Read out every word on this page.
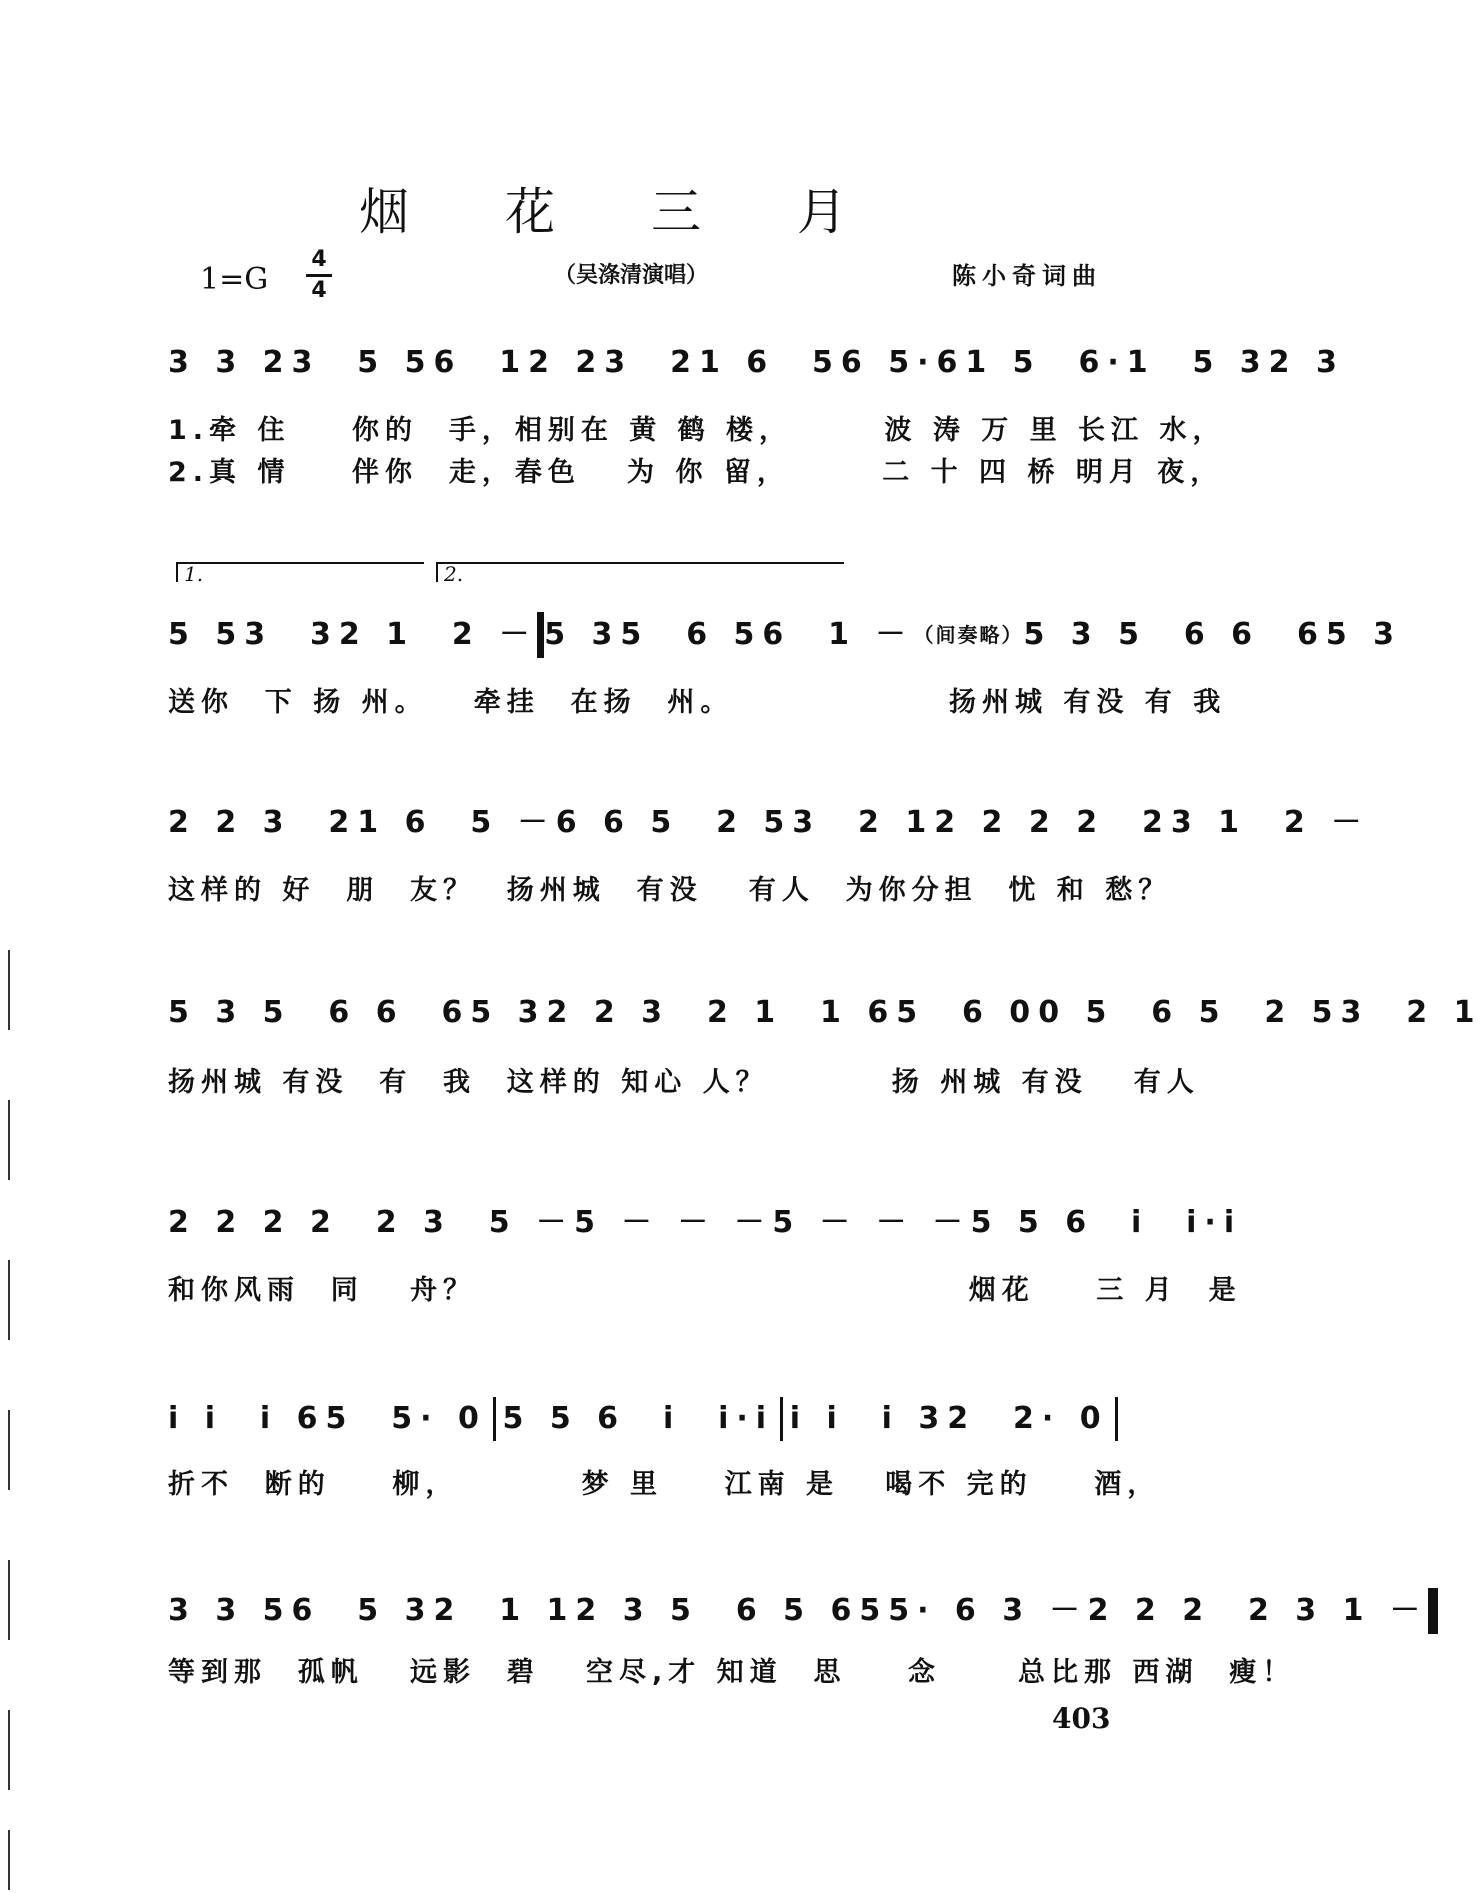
烟 花 三 月
1=G
4
4
（吴涤清演唱）	陈小奇词曲
3 3 23  5 56  1 2 23  21 6  56 5· 61 5  6·1  5 32 3
1.牵 住    你的  手，相别在 黄 鹤 楼，      波 涛 万 里 长江 水，
2.真 情    伴你  走，春色   为 你 留，      二 十 四 桥 明月 夜，
1.	2.
5 53  32 1  2 － 5 35  6 56  1 － （间奏略） 5 3 5  6 6  65 3
送你  下 扬 州。   牵挂  在扬  州。              扬州城 有没 有 我
2 2 3  21 6  5 － 6 6 5  2 53  2 1 2 2 2 2  23 1  2 －
这样的 好  朋  友？  扬州城  有没   有人  为你分担  忧 和 愁？
5 3 5  6 6  65 3 2 2 3  2 1  1 65  6 0 0 5  6 5  2 53  2 1
扬州城 有没  有  我  这样的 知心 人？        扬 州城 有没   有人
2 2 2 2  2 3  5 － 5 － － － 5 － － － 5 5 6  i  i·i
和你风雨  同   舟？                                烟花    三 月  是
i i  i 65  5· 0 5 5 6  i  i·i i i  i 32  2· 0
折不  断的    柳，        梦 里    江南 是   喝不 完的    酒，
3 3 56  5 32  1 1 2 3 5  6 5 65 5· 6 3 － 2 2 2  2 3 1 －
等到那  孤帆   远影  碧   空尽,才 知道  思    念     总比那 西湖  瘦！
403
